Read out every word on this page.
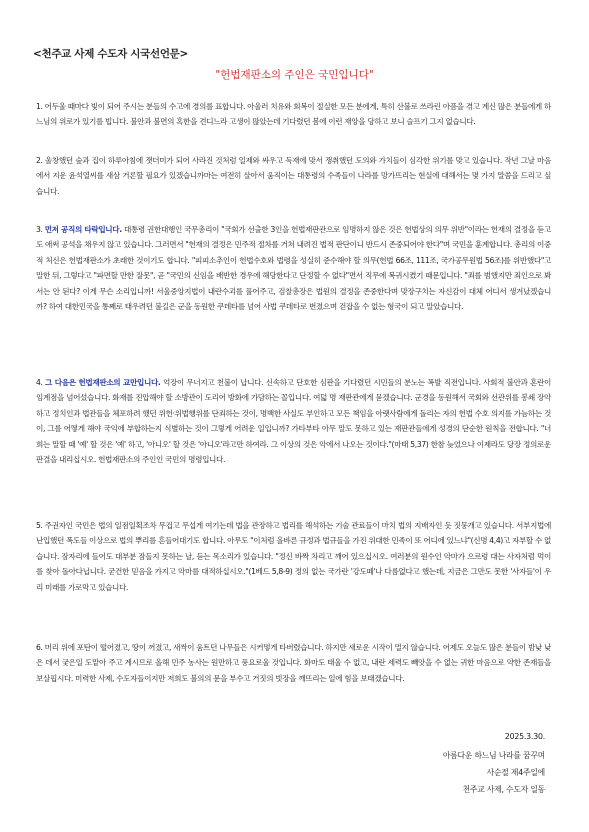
<천주교 사제 수도자 시국선언문>
"헌법재판소의 주인은 국민입니다"

1. 어두울 때마다 빛이 되어 주시는 분들의 수고에 경의를 표합니다. 아울러 치유와 회복이 절실한 모든 분에게, 특히 산불로 쓰라린 아픔을 겪고 계신 많은 분들에게 하느님의 위로가 있기를 빕니다. 불안과 불면의 혹한을 견디느라 고생이 많았는데 기다렸던 봄에 이런 재앙을 당하고 보니 슬프기 그지 없습니다.

2. 울창했던 숲과 집이 하루아침에 잿더미가 되어 사라진 것처럼 일제와 싸우고 독재에 맞서 쟁취했던 도의와 가치들이 심각한 위기를 맞고 있습니다. 작년 그날 마음에서 지운 윤석열씨를 새삼 거론할 필요가 있겠습니까마는 여전히 살아서 움직이는 대통령의 수족들이 나라를 망가뜨리는 현실에 대해서는 몇 가지 말씀을 드리고 싶습니다.

3. 먼저 공직의 타락입니다. 대통령 권한대행인 국무총리이 "국회가 선출한 3인을 헌법재판관으로 임명하지 않은 것은 헌법상의 의무 위반"이라는 헌재의 결정을 듣고도 애써 공석을 채우지 않고 있습니다. 그러면서 "헌재의 결정은 민주적 절차를 거쳐 내려진 법적 판단이니 반드시 존중되어야 한다"며 국민을 훈계합니다. 총리의 이중적 처신은 헌법재판소가 초래한 것이기도 합니다. "피피소추인이 헌법수호와 법령을 성실히 준수해야 할 의무(헌법 66조, 111조, 국가공무원법 56조)를 위반했다"고 말한 뒤, 그렇다고 "파면할 만한 잘못", 곧 "국민의 신임을 배반한 경우에 해당한다고 단정할 수 없다"면서 직무에 복귀시켰기 때문입니다. "죄를 범했지만 죄인으로 봐서는 안 된다? 이게 무슨 소리입니까! 서울중앙지법이 내란수괴를 풀어주고, 검찰총장은 법원의 결정을 존중한다며 맞장구치는 자신감이 대체 어디서 생겨났겠습니까? 하여 대한민국을 통째로 태우려던 불길은 군을 동원한 쿠데타를 넘어 사법 쿠데타로 번졌으며 걷잡을 수 없는 형국이 되고 말았습니다.

4. 그 다음은 헌법재판소의 교만입니다. 억장이 무너지고 천불이 납니다. 신속하고 단호한 심판을 기다렸던 시민들의 분노는 폭발 직전입니다. 사회적 불안과 혼란이 임계점을 넘어섰습니다. 화재를 진압해야 할 소방관이 도리어 방화에 가담하는 꼴입니다. 여덟 명 재판관에게 묻겠습니다. 군경을 동원해서 국회와 선관위를 봉쇄 장악하고 정치인과 법관들을 체포하려 했던 위헌·위법행위를 단죄하는 것이, 명백한 사실도 부인하고 모든 책임을 아랫사람에게 돌리는 자의 헌법 수호 의지를 가늠하는 것이, 그를 어떻게 해야 국익에 부합하는지 식별하는 것이 그렇게 어려운 일입니까? 가타부타 아무 말도 못하고 있는 재판관들에게 성경의 단순한 원칙을 전합니다. "너희는 말할 때 '예' 할 것은 '예' 하고, '아니오' 할 것은 '아니오'라고만 하여라. 그 이상의 것은 악에서 나오는 것이다."(마태 5,37) 한참 늦었으나 이제라도 당장 정의로운 판결을 내리십시오. 헌법재판소의 주인인 국민의 명령입니다.

5. 주권자인 국민은 법의 일점일획조차 무겁고 무섭게 여기는데 법을 관장하고 법리를 해석하는 기술 관료들이 마치 법의 지배자인 듯 짓뭉개고 있습니다. 서부지법에 난입했던 폭도들 이상으로 법의 뿌리를 흔들어대기도 합니다. 아무도 "이처럼 올바른 규정과 법규들을 가진 위대한 민족이 또 어디에 있느냐"(신명 4,4)고 자부할 수 없습니다. 잠자리에 들어도 대부분 잠들지 못하는 날, 듣는 목소리가 있습니다. "정신 바짝 차리고 깨어 있으십시오. 여러분의 원수인 악마가 으르렁 대는 사자처럼 먹이를 찾아 돌아다닙니다. 굳건한 믿음을 가지고 악마를 대적하십시오."(1베드 5,8-9) 정의 없는 국가란 '강도떼'나 다름없다고 했는데, 지금은 그만도 못한 '사자들'이 우리 미래를 가로막고 있습니다.

6. 머리 위에 포탄이 떨어졌고, 땅이 꺼졌고, 새싹이 움트던 나무들은 시커멓게 타버렸습니다. 하지만 새로운 시작이 멀지 않습니다. 어제도 오늘도 많은 분들이 밤낮 낮은 데서 궂은일 도맡아 주고 계시므로 올해 민주 농사는 원만하고 풍요로울 것입니다. 화마도 태울 수 없고, 내란 세력도 빼앗을 수 없는 귀한 마음으로 약한 존재들을 보살핍시다. 미력한 사제, 수도자들이지만 저희도 불의의 문을 부수고 거짓의 빗장을 깨뜨리는 일에 힘을 보태겠습니다.

2025.3.30.
아름다운 하느님 나라를 꿈꾸며
사순절 제4주일에
천주교 사제, 수도자 일동
